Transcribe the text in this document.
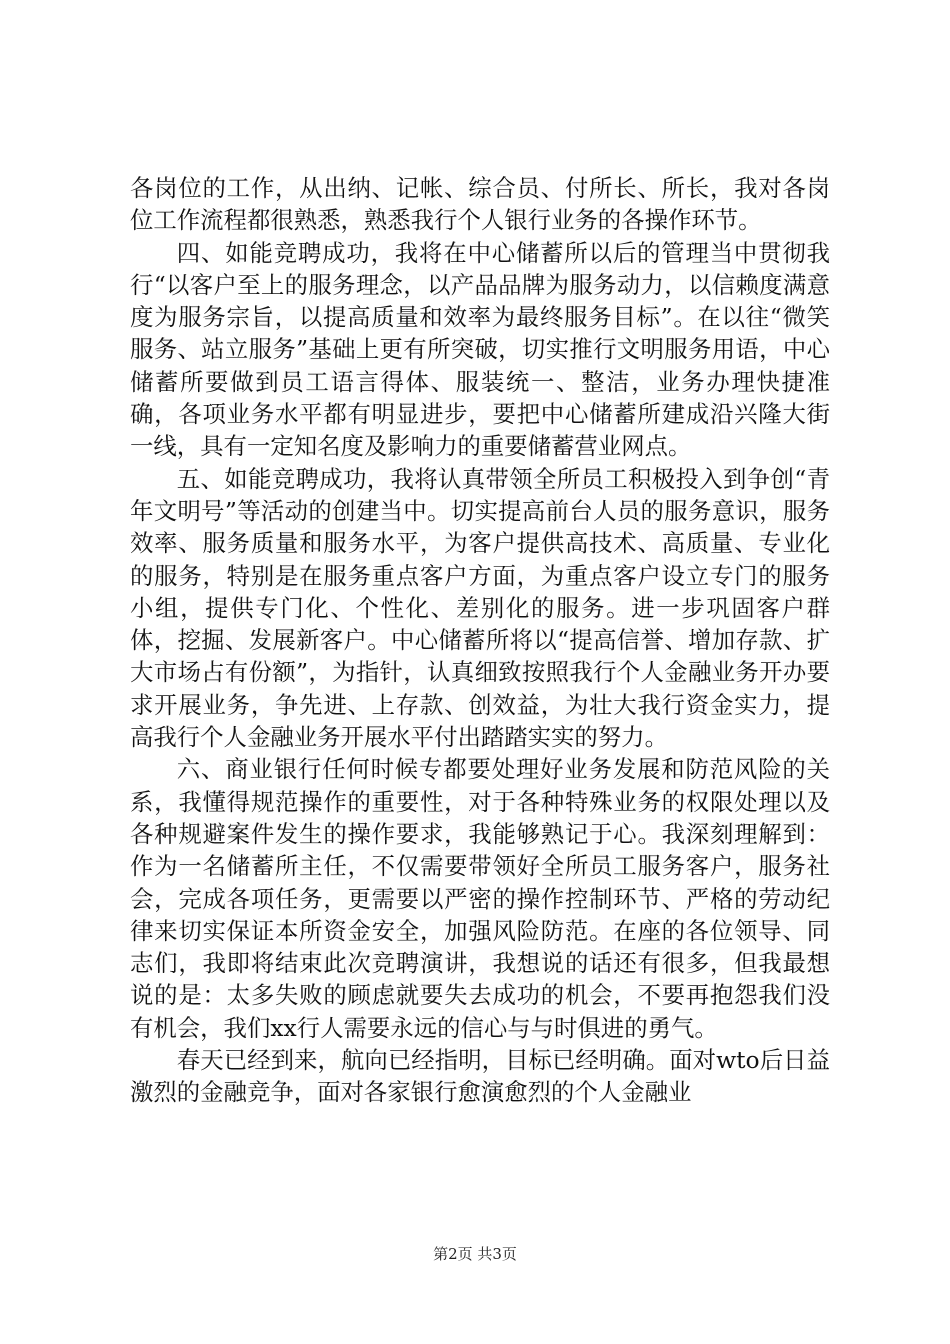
各岗位的工作，从出纳、记帐、综合员、付所长、所长，我对各岗位工作流程都很熟悉，熟悉我行个人银行业务的各操作环节。

四、如能竞聘成功，我将在中心储蓄所以后的管理当中贯彻我行“以客户至上的服务理念，以产品品牌为服务动力，以信赖度满意度为服务宗旨，以提高质量和效率为最终服务目标”。在以往“微笑服务、站立服务”基础上更有所突破，切实推行文明服务用语，中心储蓄所要做到员工语言得体、服装统一、整洁，业务办理快捷准确，各项业务水平都有明显进步，要把中心储蓄所建成沿兴隆大街一线，具有一定知名度及影响力的重要储蓄营业网点。

五、如能竞聘成功，我将认真带领全所员工积极投入到争创“青年文明号”等活动的创建当中。切实提高前台人员的服务意识，服务效率、服务质量和服务水平，为客户提供高技术、高质量、专业化的服务，特别是在服务重点客户方面，为重点客户设立专门的服务小组，提供专门化、个性化、差别化的服务。进一步巩固客户群体，挖掘、发展新客户。中心储蓄所将以“提高信誉、增加存款、扩大市场占有份额”，为指针，认真细致按照我行个人金融业务开办要求开展业务，争先进、上存款、创效益，为壮大我行资金实力，提高我行个人金融业务开展水平付出踏踏实实的努力。

六、商业银行任何时候专都要处理好业务发展和防范风险的关系，我懂得规范操作的重要性，对于各种特殊业务的权限处理以及各种规避案件发生的操作要求，我能够熟记于心。我深刻理解到：作为一名储蓄所主任，不仅需要带领好全所员工服务客户，服务社会，完成各项任务，更需要以严密的操作控制环节、严格的劳动纪律来切实保证本所资金安全，加强风险防范。在座的各位领导、同志们，我即将结束此次竞聘演讲，我想说的话还有很多，但我最想说的是：太多失败的顾虑就要失去成功的机会，不要再抱怨我们没有机会，我们xx行人需要永远的信心与与时俱进的勇气。

春天已经到来，航向已经指明，目标已经明确。面对wto后日益激烈的金融竞争，面对各家银行愈演愈烈的个人金融业

第2页 共3页
